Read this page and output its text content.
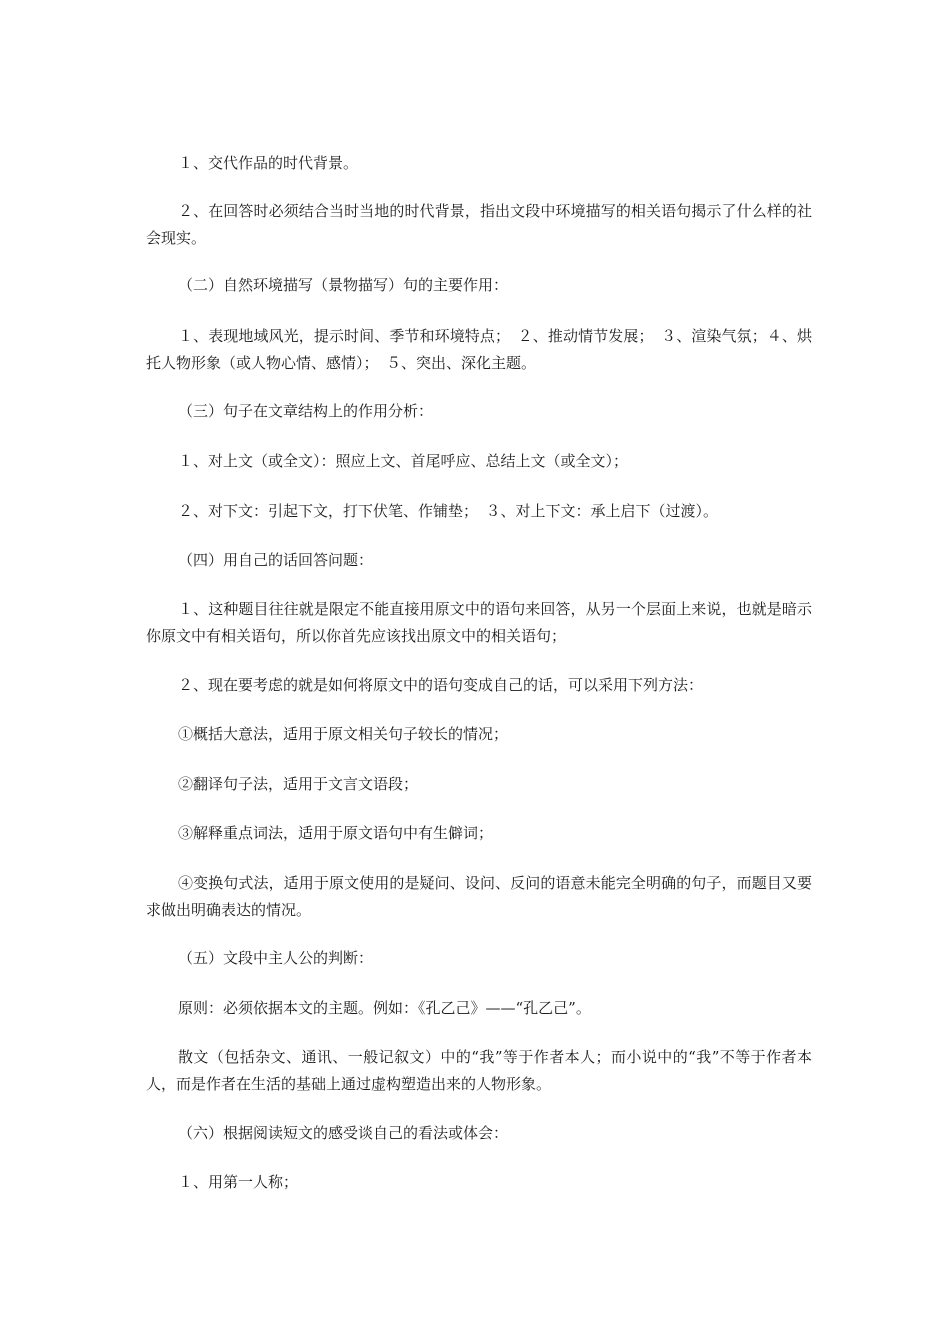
１、交代作品的时代背景。

２、在回答时必须结合当时当地的时代背景，指出文段中环境描写的相关语句揭示了什么样的社会现实。

（二）自然环境描写（景物描写）句的主要作用：

１、表现地域风光，提示时间、季节和环境特点；　２、推动情节发展；　３、渲染气氛；４、烘托人物形象（或人物心情、感情）；　５、突出、深化主题。

（三）句子在文章结构上的作用分析：

１、对上文（或全文）：照应上文、首尾呼应、总结上文（或全文）；

２、对下文：引起下文，打下伏笔、作铺垫；　３、对上下文：承上启下（过渡）。

（四）用自己的话回答问题：

１、这种题目往往就是限定不能直接用原文中的语句来回答，从另一个层面上来说，也就是暗示你原文中有相关语句，所以你首先应该找出原文中的相关语句；

２、现在要考虑的就是如何将原文中的语句变成自己的话，可以采用下列方法：

①概括大意法，适用于原文相关句子较长的情况；

②翻译句子法，适用于文言文语段；

③解释重点词法，适用于原文语句中有生僻词；

④变换句式法，适用于原文使用的是疑问、设问、反问的语意未能完全明确的句子，而题目又要求做出明确表达的情况。

（五）文段中主人公的判断：

原则：必须依据本文的主题。例如：《孔乙己》——“孔乙己”。

散文（包括杂文、通讯、一般记叙文）中的“我”等于作者本人；而小说中的“我”不等于作者本人，而是作者在生活的基础上通过虚构塑造出来的人物形象。

（六）根据阅读短文的感受谈自己的看法或体会：

１、用第一人称；
